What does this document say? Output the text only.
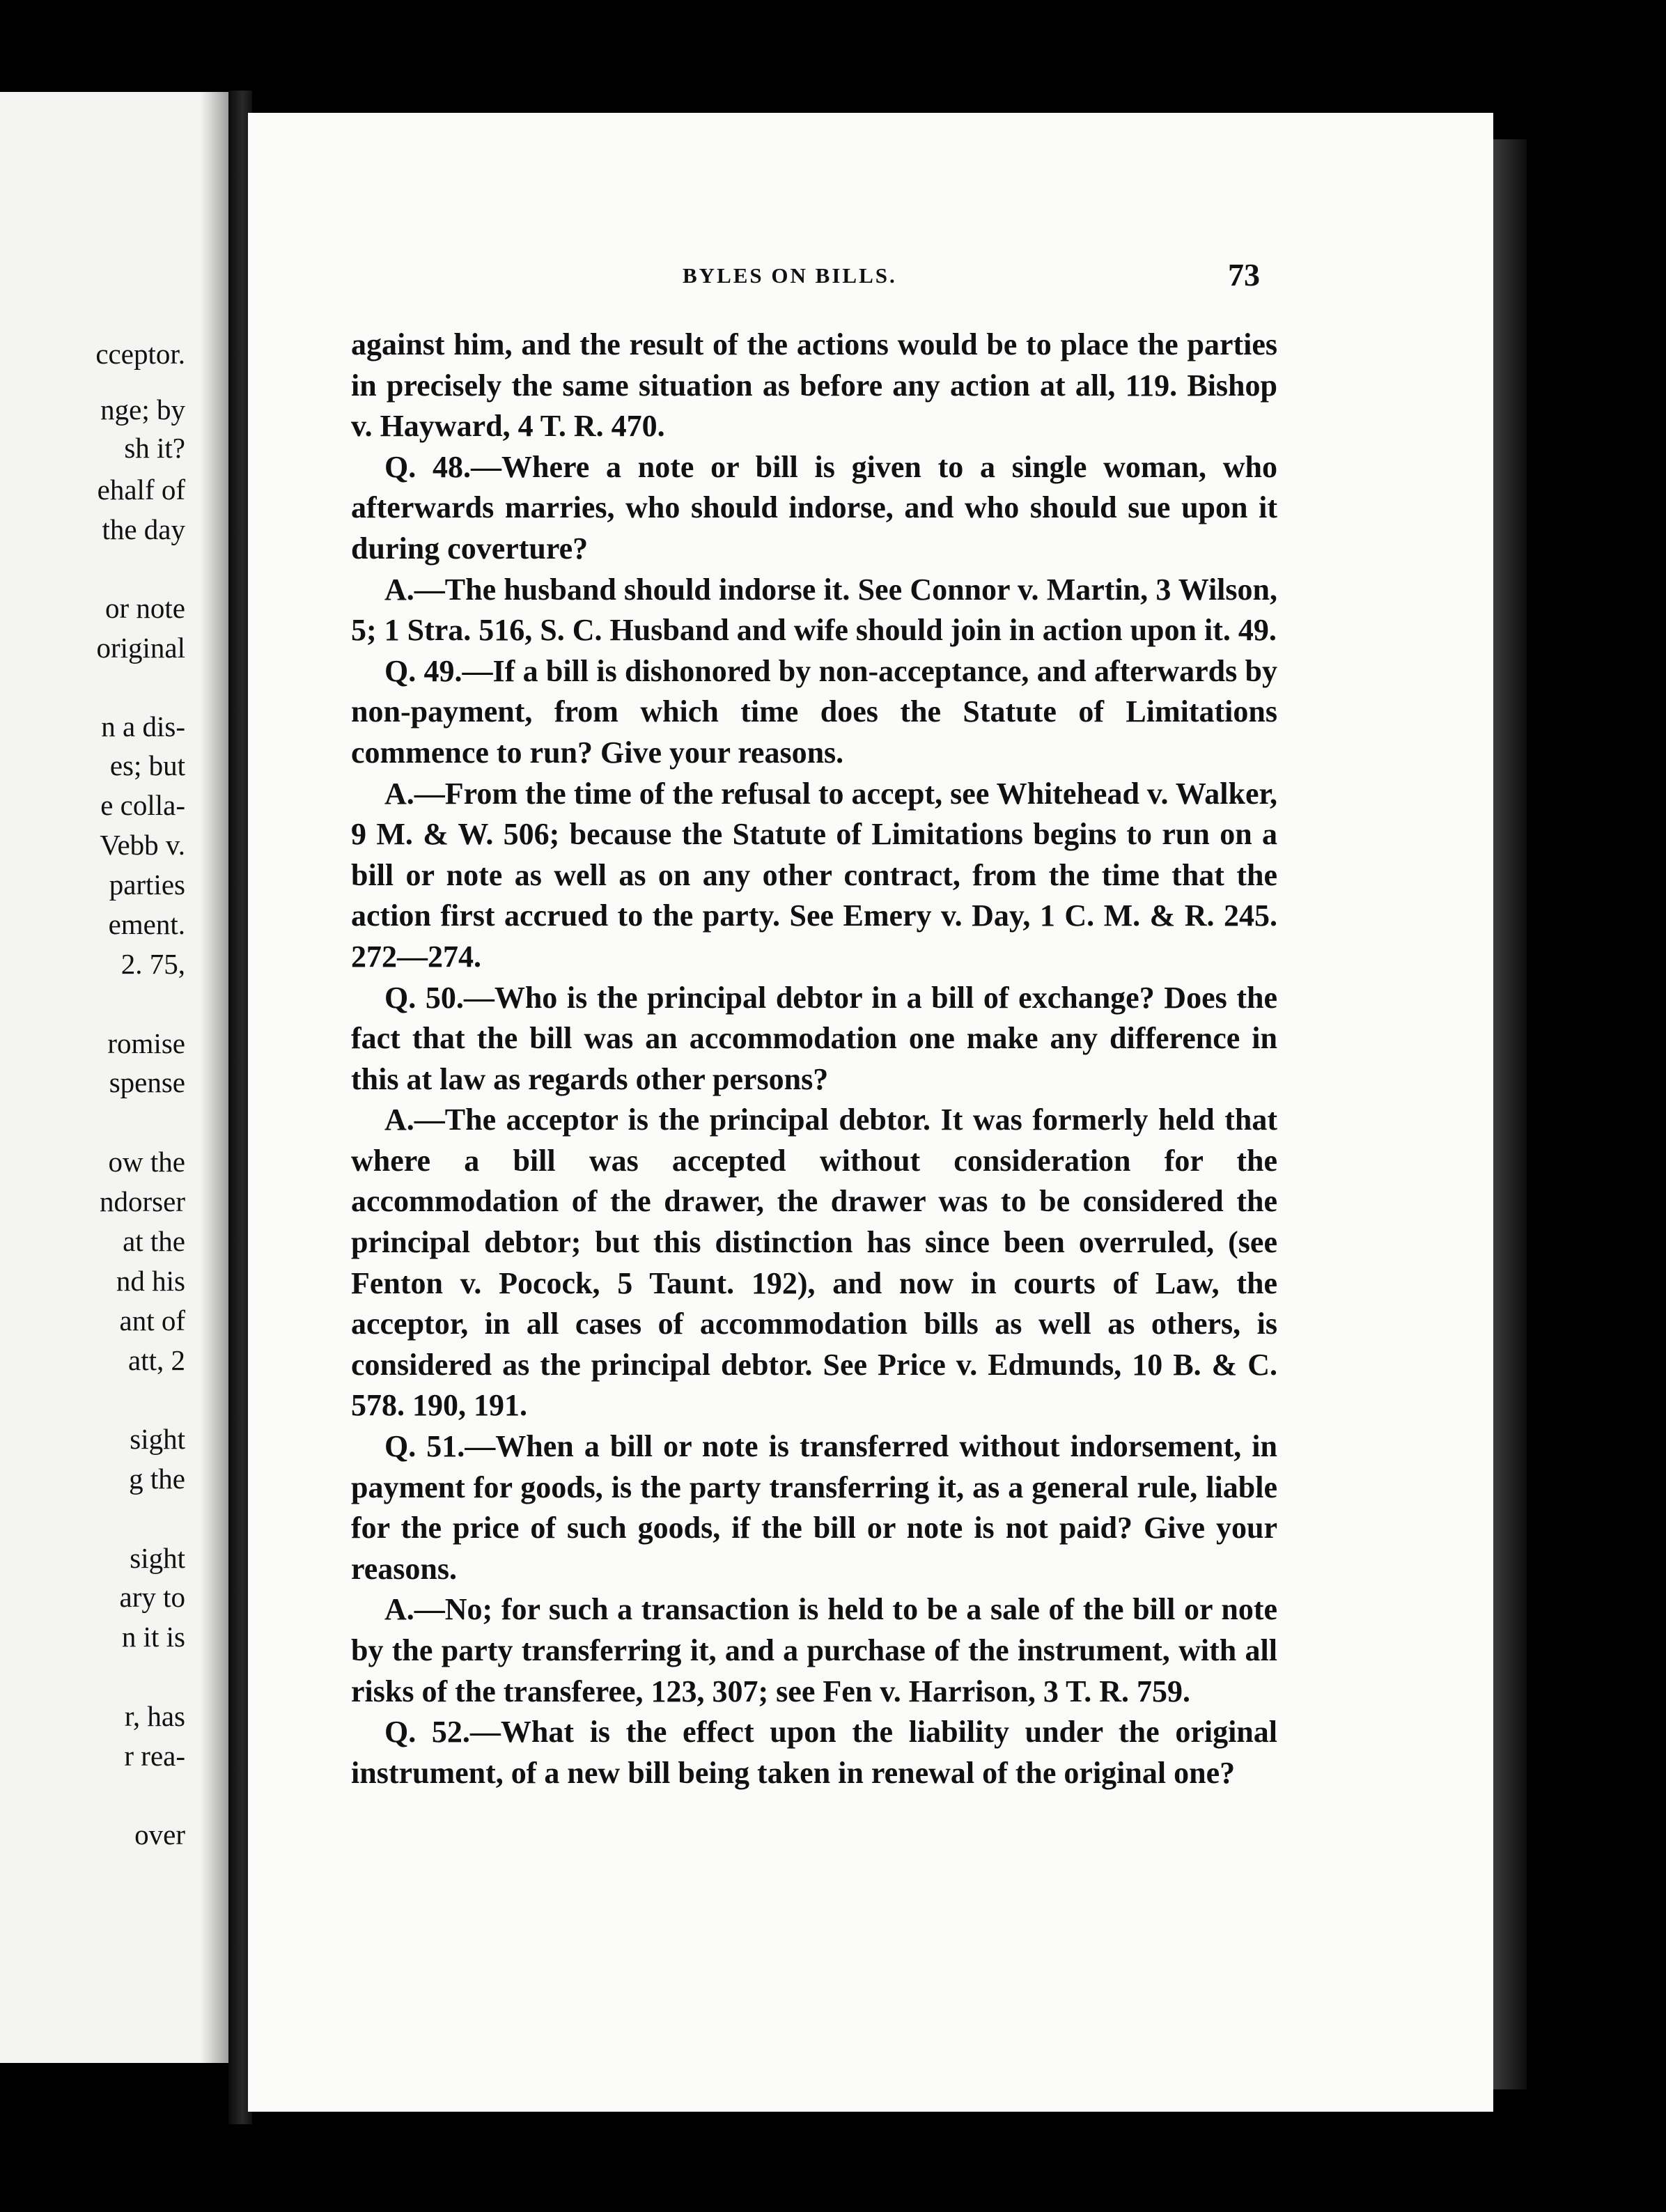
cceptor.
nge; by
sh it?
ehalf of
the day
or note
original
n a dis-
es; but
e colla-
Vebb v.
parties
ement.
2. 75,
romise
spense
ow the
ndorser
at the
nd his
ant of
att, 2
sight
g the
sight
ary to
n it is
r, has
r rea-
over
BYLES ON BILLS.	73

against him, and the result of the actions would be to place the parties in precisely the same situation as before any action at all, 119. Bishop v. Hayward, 4 T. R. 470.

Q. 48.—Where a note or bill is given to a single woman, who afterwards marries, who should indorse, and who should sue upon it during coverture?

A.—The husband should indorse it. See Connor v. Martin, 3 Wilson, 5; 1 Stra. 516, S. C. Husband and wife should join in action upon it. 49.

Q. 49.—If a bill is dishonored by non-acceptance, and afterwards by non-payment, from which time does the Statute of Limitations commence to run? Give your reasons.

A.—From the time of the refusal to accept, see Whitehead v. Walker, 9 M. & W. 506; because the Statute of Limitations begins to run on a bill or note as well as on any other contract, from the time that the action first accrued to the party. See Emery v. Day, 1 C. M. & R. 245. 272—274.

Q. 50.—Who is the principal debtor in a bill of exchange? Does the fact that the bill was an accommodation one make any difference in this at law as regards other persons?

A.—The acceptor is the principal debtor. It was formerly held that where a bill was accepted without consideration for the accommodation of the drawer, the drawer was to be considered the principal debtor; but this distinction has since been overruled, (see Fenton v. Pocock, 5 Taunt. 192), and now in courts of Law, the acceptor, in all cases of accommodation bills as well as others, is considered as the principal debtor. See Price v. Edmunds, 10 B. & C. 578. 190, 191.

Q. 51.—When a bill or note is transferred without indorsement, in payment for goods, is the party transferring it, as a general rule, liable for the price of such goods, if the bill or note is not paid? Give your reasons.

A.—No; for such a transaction is held to be a sale of the bill or note by the party transferring it, and a purchase of the instrument, with all risks of the transferee, 123, 307; see Fen v. Harrison, 3 T. R. 759.

Q. 52.—What is the effect upon the liability under the original instrument, of a new bill being taken in renewal of the original one?
